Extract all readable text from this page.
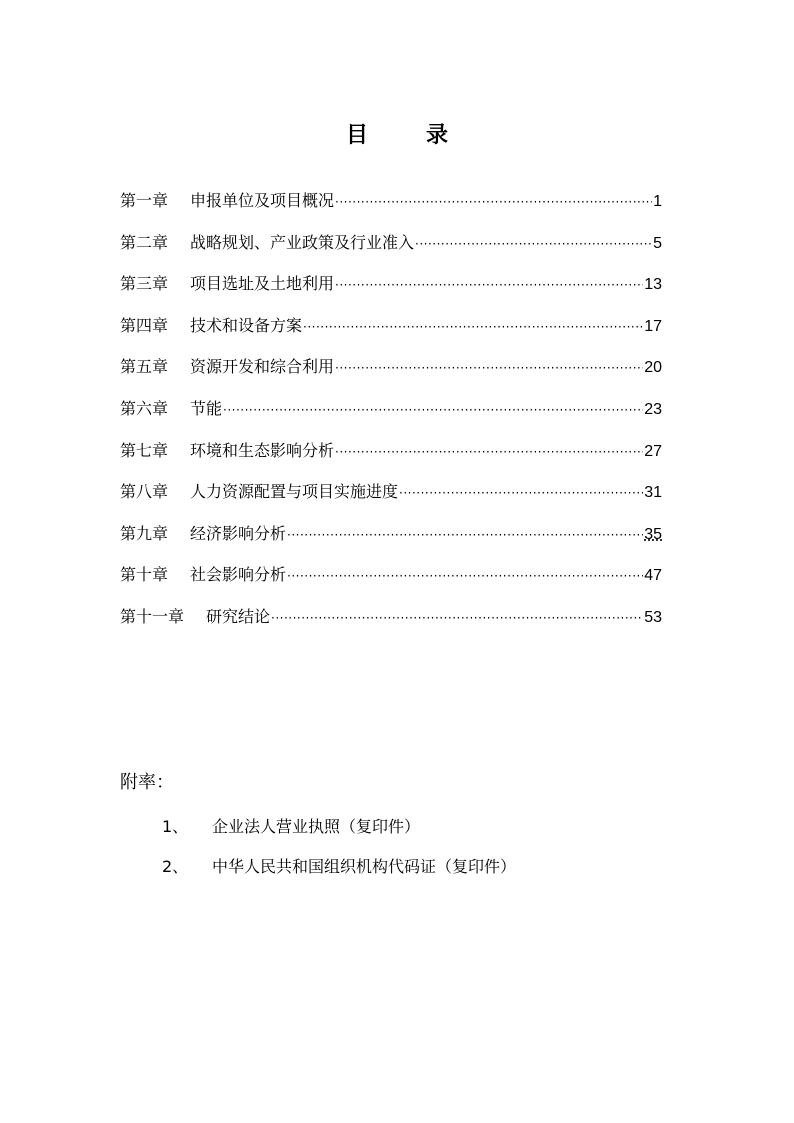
目	录
第一章	申报单位及项目概况 ·····	1
第二章	战略规划、产业政策及行业准入 ·····	5
第三章	项目选址及土地利用 ·····	13
第四章	技术和设备方案 ·····	17
第五章	资源开发和综合利用 ·····	20
第六章	节能 ·····	23
第七章	环境和生态影响分析 ·····	27
第八章	人力资源配置与项目实施进度 ·····	31
第九章	经济影响分析 ·····	35
第十章	社会影响分析 ·····	47
第十一章	研究结论 ·····	53
附率：
1、	企业法人营业执照（复印件）
2、	中华人民共和国组织机构代码证（复印件）
